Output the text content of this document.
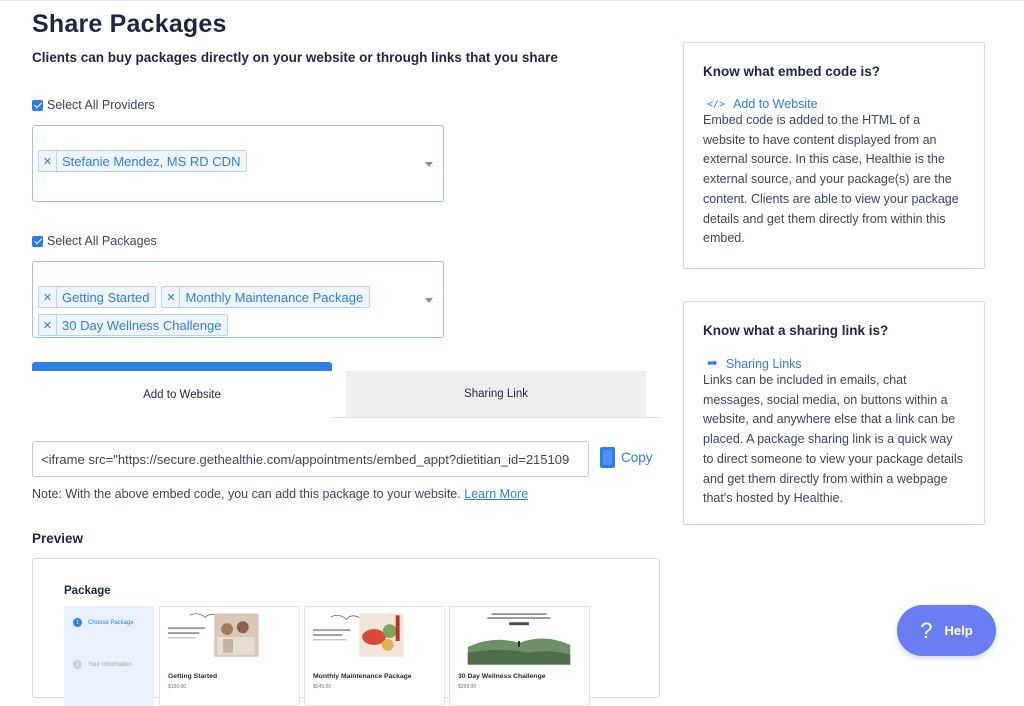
Share Packages
Clients can buy packages directly on your website or through links that you share
Select All Providers
✕ Stefanie Mendez, MS RD CDN
Select All Packages
✕ Getting Started	✕ Monthly Maintenance Package
✕ 30 Day Wellness Challenge
Add to Website	Sharing Link
<iframe src="https://secure.gethealthie.com/appointments/embed_appt?dietitian_id=215109	Copy
Note: With the above embed code, you can add this package to your website. Learn More
Preview
Package
1	Choose Package
2	Your Information
Getting Started
$150.00
Monthly Maintenance Package
$245.00
30 Day Wellness Challenge
$299.00
Know what embed code is?
</> Add to Website
Embed code is added to the HTML of a website to have content displayed from an external source. In this case, Healthie is the external source, and your package(s) are the content. Clients are able to view your package details and get them directly from within this embed.
Know what a sharing link is?
➦ Sharing Links
Links can be included in emails, chat messages, social media, on buttons within a website, and anywhere else that a link can be placed. A package sharing link is a quick way to direct someone to view your package details and get them directly from within a webpage that's hosted by Healthie.
? Help
